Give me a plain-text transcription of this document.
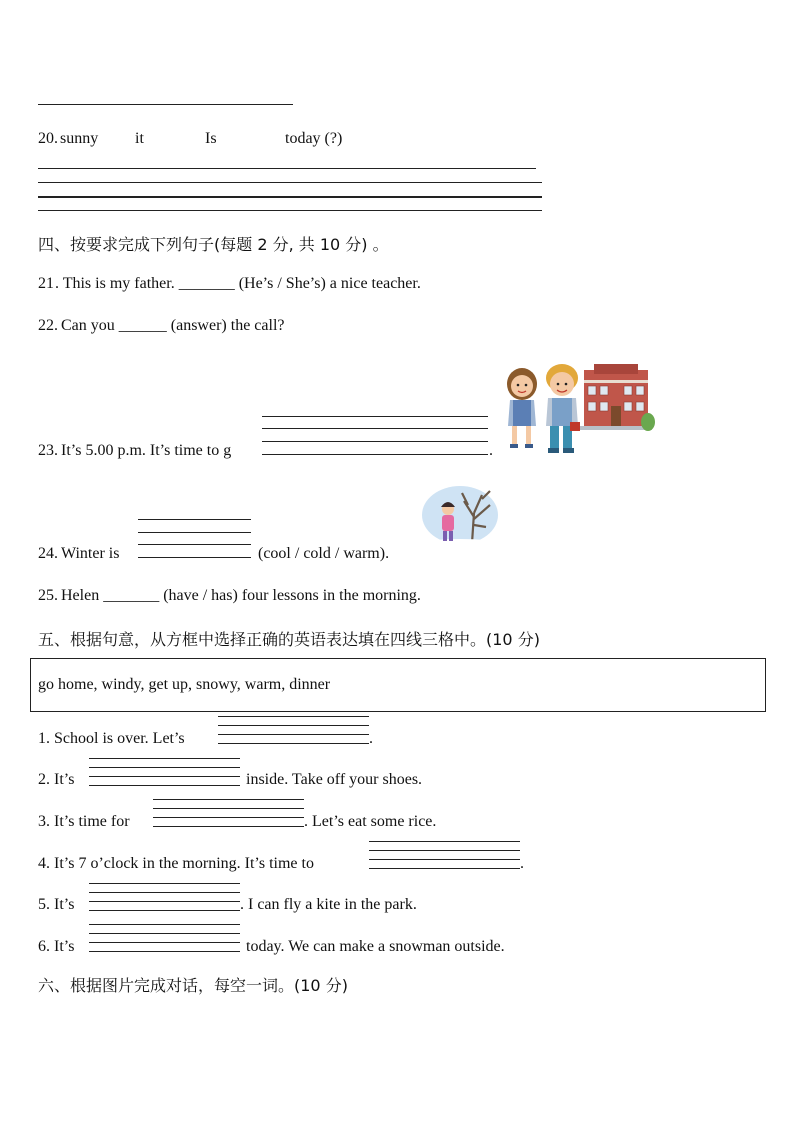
20. sunny it	Is	today (?)
四、按要求完成下列句子(每题 2 分, 共 10 分) 。
21 . This is my father. _______ (He’s / She’s) a nice teacher.
22. Can you ______ (answer) the call?
23. It’s 5.00 p.m. It’s time to g	.
24. Winter is	(cool / cold / warm).
25. Helen _______ (have / has) four lessons in the morning.
五、根据句意，从方框中选择正确的英语表达填在四线三格中。(10 分)
go home, windy, get up, snowy, warm, dinner
1. School is over. Let’s	.
2. It’s	inside. Take off your shoes.
3. It’s time for	. Let’s eat some rice.
4. It’s 7 o’clock in the morning. It’s time to	.
5. It’s	. I can fly a kite in the park.
6. It’s	today. We can make a snowman outside.
六、根据图片完成对话，每空一词。(10 分)
